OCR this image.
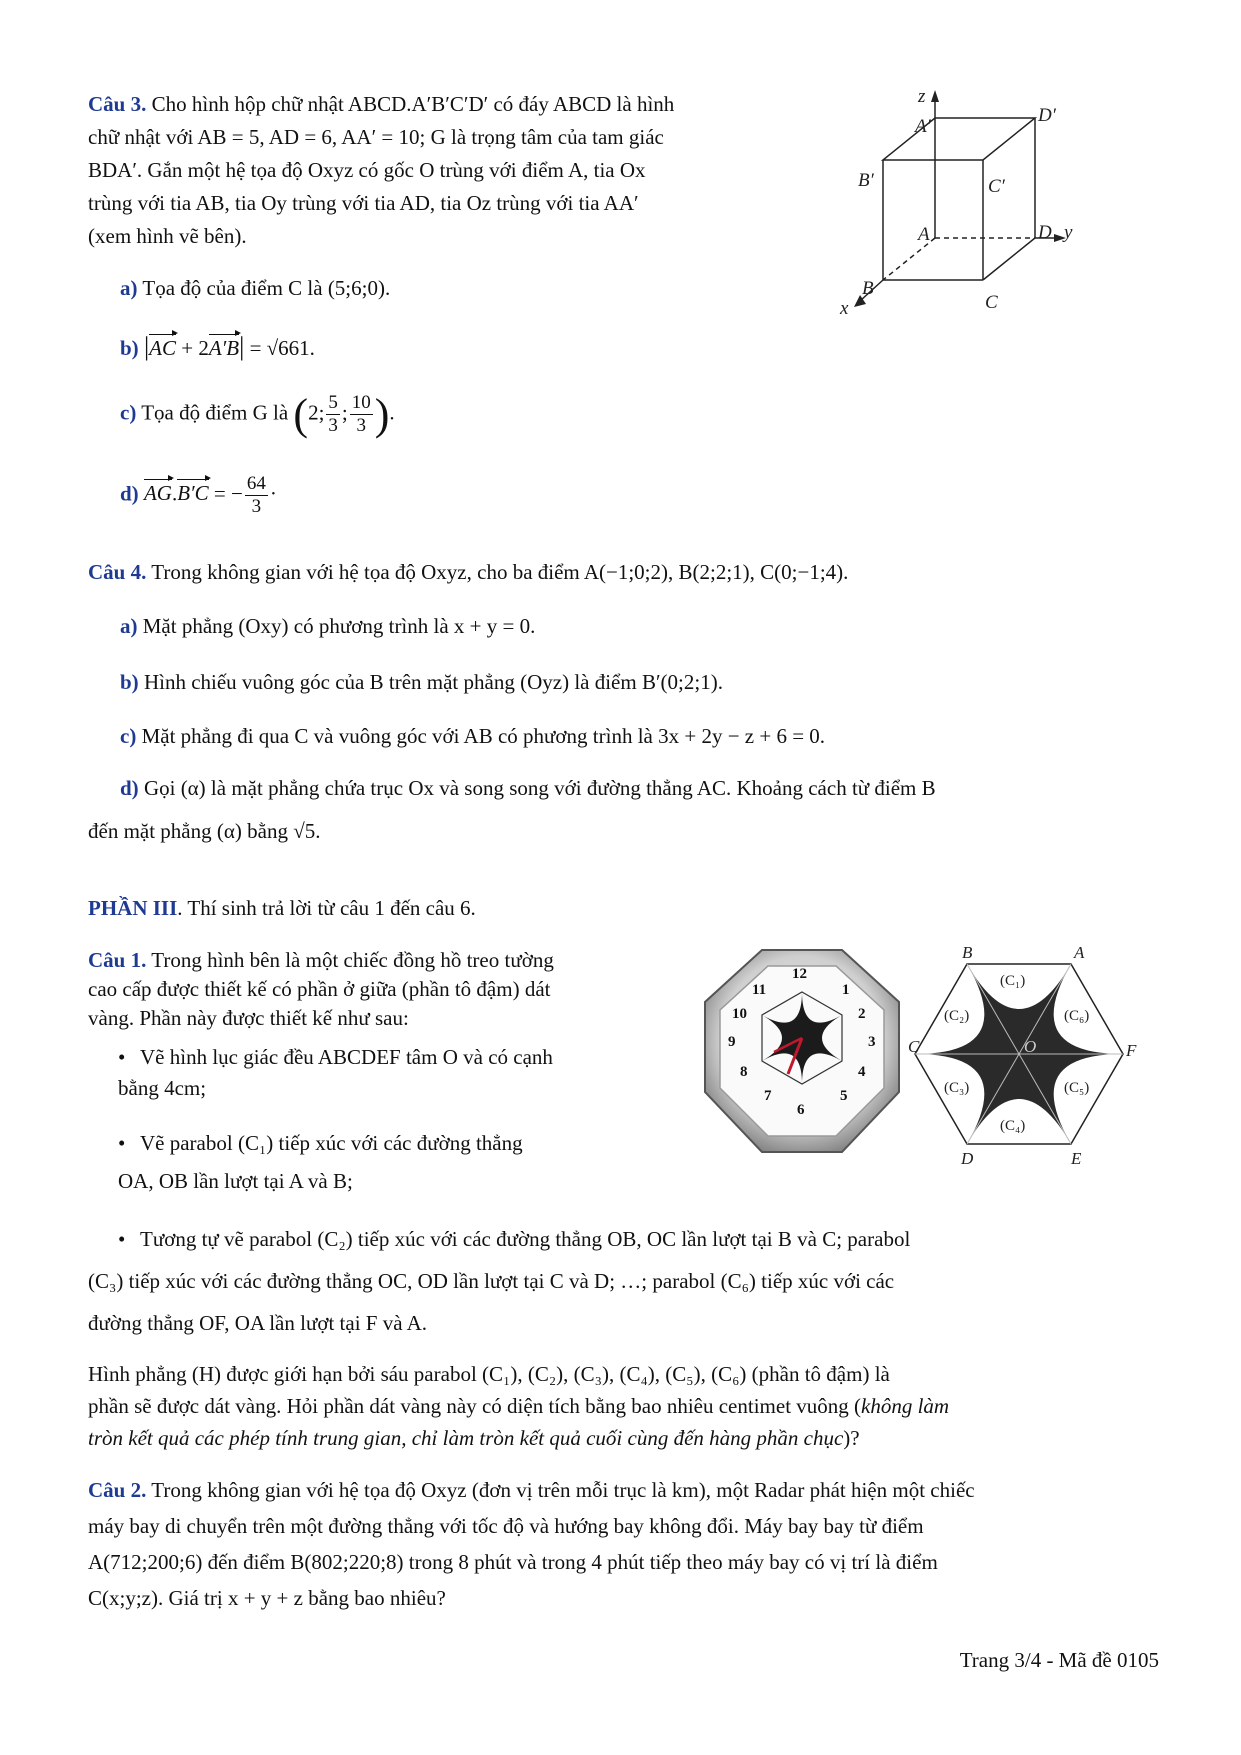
Câu 3. Cho hình hộp chữ nhật ABCD.A′B′C′D′ có đáy ABCD là hình
chữ nhật với AB = 5, AD = 6, AA′ = 10; G là trọng tâm của tam giác
BDA′. Gắn một hệ tọa độ Oxyz có gốc O trùng với điểm A, tia Ox
trùng với tia AB, tia Oy trùng với tia AD, tia Oz trùng với tia AA′
(xem hình vẽ bên).
a) Tọa độ của điểm C là (5;6;0).
b) |AC + 2A′B| = √661.
c) Tọa độ điểm G là (2; $\frac{5}{3}$ ; $\frac{10}{3}$ ).
d) AG.B′C = − $\frac{64}{3}$ ·
z
A′
D′
B′	C′
A	D y
B
x	C
Câu 4. Trong không gian với hệ tọa độ Oxyz, cho ba điểm A(−1;0;2), B(2;2;1), C(0;−1;4).
a) Mặt phẳng (Oxy) có phương trình là x + y = 0.
b) Hình chiếu vuông góc của B trên mặt phẳng (Oyz) là điểm B′(0;2;1).
c) Mặt phẳng đi qua C và vuông góc với AB có phương trình là 3x + 2y − z + 6 = 0.
d) Gọi (α) là mặt phẳng chứa trục Ox và song song với đường thẳng AC. Khoảng cách từ điểm B
đến mặt phẳng (α) bằng √5.
PHẦN III. Thí sinh trả lời từ câu 1 đến câu 6.
Câu 1. Trong hình bên là một chiếc đồng hồ treo tường
cao cấp được thiết kế có phần ở giữa (phần tô đậm) dát
vàng. Phần này được thiết kế như sau:
• Vẽ hình lục giác đều ABCDEF tâm O và có cạnh
bằng 4cm;
• Vẽ parabol (C₁) tiếp xúc với các đường thẳng
OA, OB lần lượt tại A và B;
• Tương tự vẽ parabol (C₂) tiếp xúc với các đường thẳng OB, OC lần lượt tại B và C; parabol
(C₃) tiếp xúc với các đường thẳng OC, OD lần lượt tại C và D; …; parabol (C₆) tiếp xúc với các
đường thẳng OF, OA lần lượt tại F và A.
Hình phẳng (H) được giới hạn bởi sáu parabol (C₁), (C₂), (C₃), (C₄), (C₅), (C₆) (phần tô đậm) là
phần sẽ được dát vàng. Hỏi phần dát vàng này có diện tích bằng bao nhiêu centimet vuông (không làm
tròn kết quả các phép tính trung gian, chỉ làm tròn kết quả cuối cùng đến hàng phần chục)?
12
1
2
3
4
5
6
7
8
9
10
11
B	A
C	F
D	E
O
(C₁)
(C₂)	(C₆)
(C₃)	(C₅)
(C₄)
Câu 2. Trong không gian với hệ tọa độ Oxyz (đơn vị trên mỗi trục là km), một Radar phát hiện một chiếc
máy bay di chuyển trên một đường thẳng với tốc độ và hướng bay không đổi. Máy bay bay từ điểm
A(712;200;6) đến điểm B(802;220;8) trong 8 phút và trong 4 phút tiếp theo máy bay có vị trí là điểm
C(x;y;z). Giá trị x + y + z bằng bao nhiêu?
Trang 3/4 - Mã đề 0105
